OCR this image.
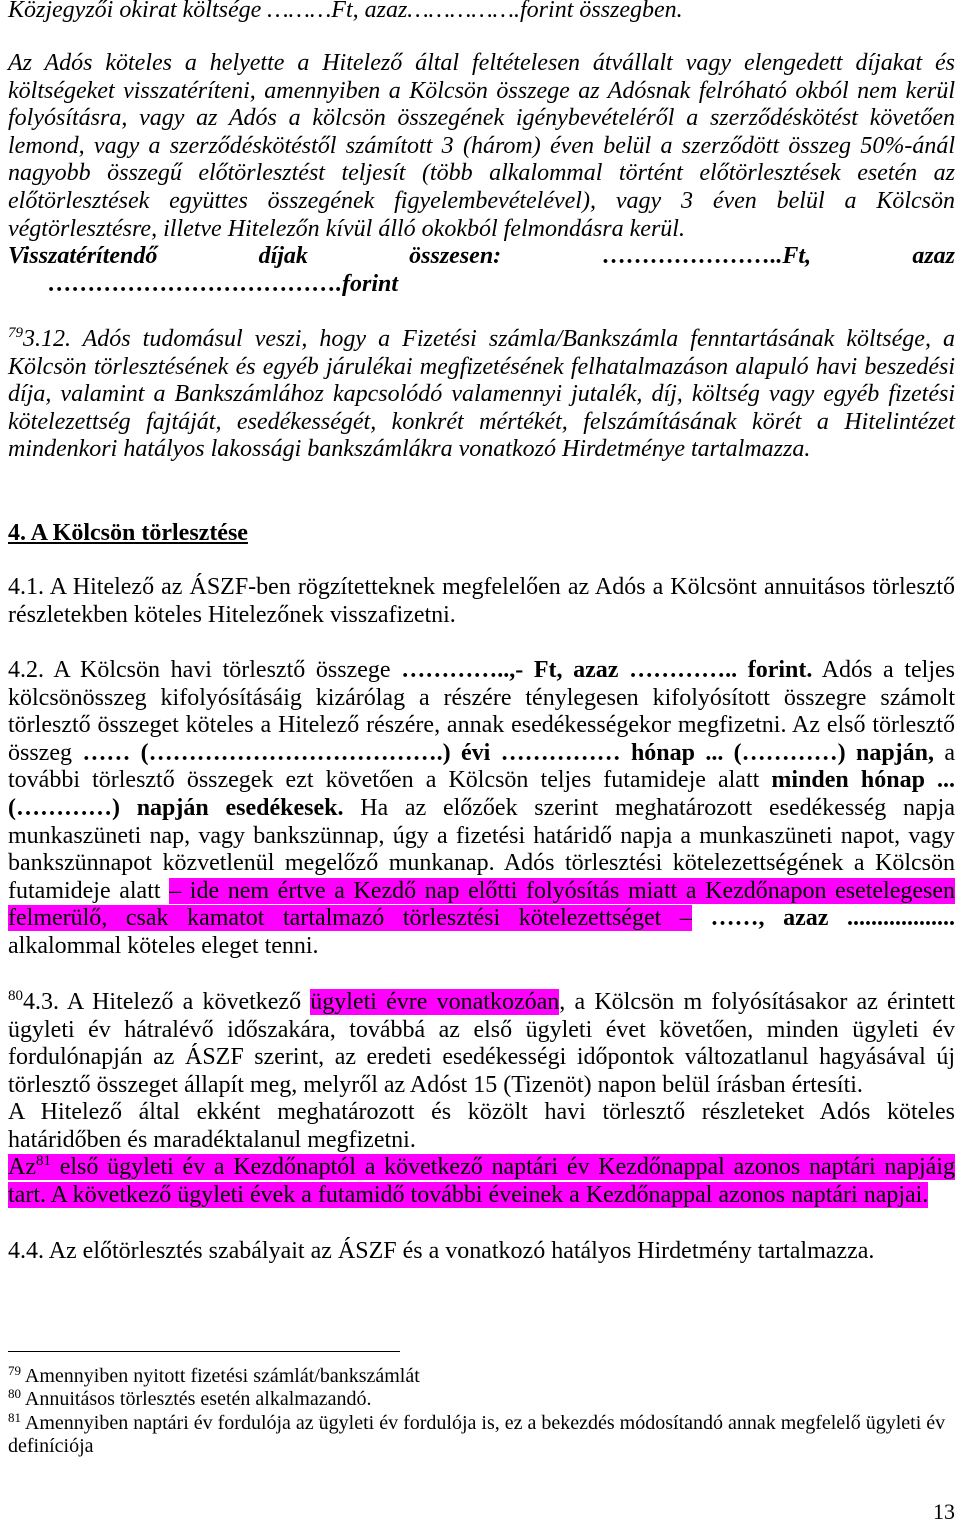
Közjegyzői okirat költsége ………Ft, azaz…………….forint összegben.

Az Adós köteles a helyette a Hitelező által feltételesen átvállalt vagy elengedett díjakat és költségeket visszatéríteni, amennyiben a Kölcsön összege az Adósnak felróható okból nem kerül folyósításra, vagy az Adós a kölcsön összegének igénybevételéről a szerződéskötést követően lemond, vagy a szerződéskötéstől számított 3 (három) éven belül a szerződött összeg 50%-ánál nagyobb összegű előtörlesztést teljesít (több alkalommal történt előtörlesztések esetén az előtörlesztések együttes összegének figyelembevételével), vagy 3 éven belül a Kölcsön végtörlesztésre, illetve Hitelezőn kívül álló okokból felmondásra kerül.

Visszatérítendő díjak összesen:	…………………..Ft, azaz
……………………………….forint

$^{79}$3.12. Adós tudomásul veszi, hogy a Fizetési számla/Bankszámla fenntartásának költsége, a Kölcsön törlesztésének és egyéb járulékai megfizetésének felhatalmazáson alapuló havi beszedési díja, valamint a Bankszámlához kapcsolódó valamennyi jutalék, díj, költség vagy egyéb fizetési kötelezettség fajtáját, esedékességét, konkrét mértékét, felszámításának körét a Hitelintézet mindenkori hatályos lakossági bankszámlákra vonatkozó Hirdetménye tartalmazza.

4. A Kölcsön törlesztése

4.1. A Hitelező az ÁSZF-ben rögzítetteknek megfelelően az Adós a Kölcsönt annuitásos törlesztő részletekben köteles Hitelezőnek visszafizetni.

4.2. A Kölcsön havi törlesztő összege …………..,- Ft, azaz ………….. forint. Adós a teljes kölcsönösszeg kifolyósításáig kizárólag a részére ténylegesen kifolyósított összegre számolt törlesztő összeget köteles a Hitelező részére, annak esedékességekor megfizetni. Az első törlesztő összeg …… (……………………………….) évi …………… hónap ... (…………) napján, a további törlesztő összegek ezt követően a Kölcsön teljes futamideje alatt minden hónap ... (…………) napján esedékesek. Ha az előzőek szerint meghatározott esedékesség napja munkaszüneti nap, vagy bankszünnap, úgy a fizetési határidő napja a munkaszüneti napot, vagy bankszünnapot közvetlenül megelőző munkanap. Adós törlesztési kötelezettségének a Kölcsön futamideje alatt – ide nem értve a Kezdő nap előtti folyósítás miatt a Kezdőnapon esetelegesen felmerülő, csak kamatot tartalmazó törlesztési kötelezettséget – ……, azaz .................. alkalommal köteles eleget tenni.

$^{80}$4.3. A Hitelező a következő ügyleti évre vonatkozóan, a Kölcsön m folyósításakor az érintett ügyleti év hátralévő időszakára, továbbá az első ügyleti évet követően, minden ügyleti év fordulónapján az ÁSZF szerint, az eredeti esedékességi időpontok változatlanul hagyásával új törlesztő összeget állapít meg, melyről az Adóst 15 (Tizenöt) napon belül írásban értesíti.

A Hitelező által ekként meghatározott és közölt havi törlesztő részleteket Adós köteles határidőben és maradéktalanul megfizetni.

Az$^{81}$ első ügyleti év a Kezdőnaptól a következő naptári év Kezdőnappal azonos naptári napjáig tart. A következő ügyleti évek a futamidő további éveinek a Kezdőnappal azonos naptári napjai.

4.4. Az előtörlesztés szabályait az ÁSZF és a vonatkozó hatályos Hirdetmény tartalmazza.

$^{79}$ Amennyiben nyitott fizetési számlát/bankszámlát

$^{80}$ Annuitásos törlesztés esetén alkalmazandó.

$^{81}$ Amennyiben naptári év fordulója az ügyleti év fordulója is, ez a bekezdés módosítandó annak megfelelő ügyleti év definíciója

13
